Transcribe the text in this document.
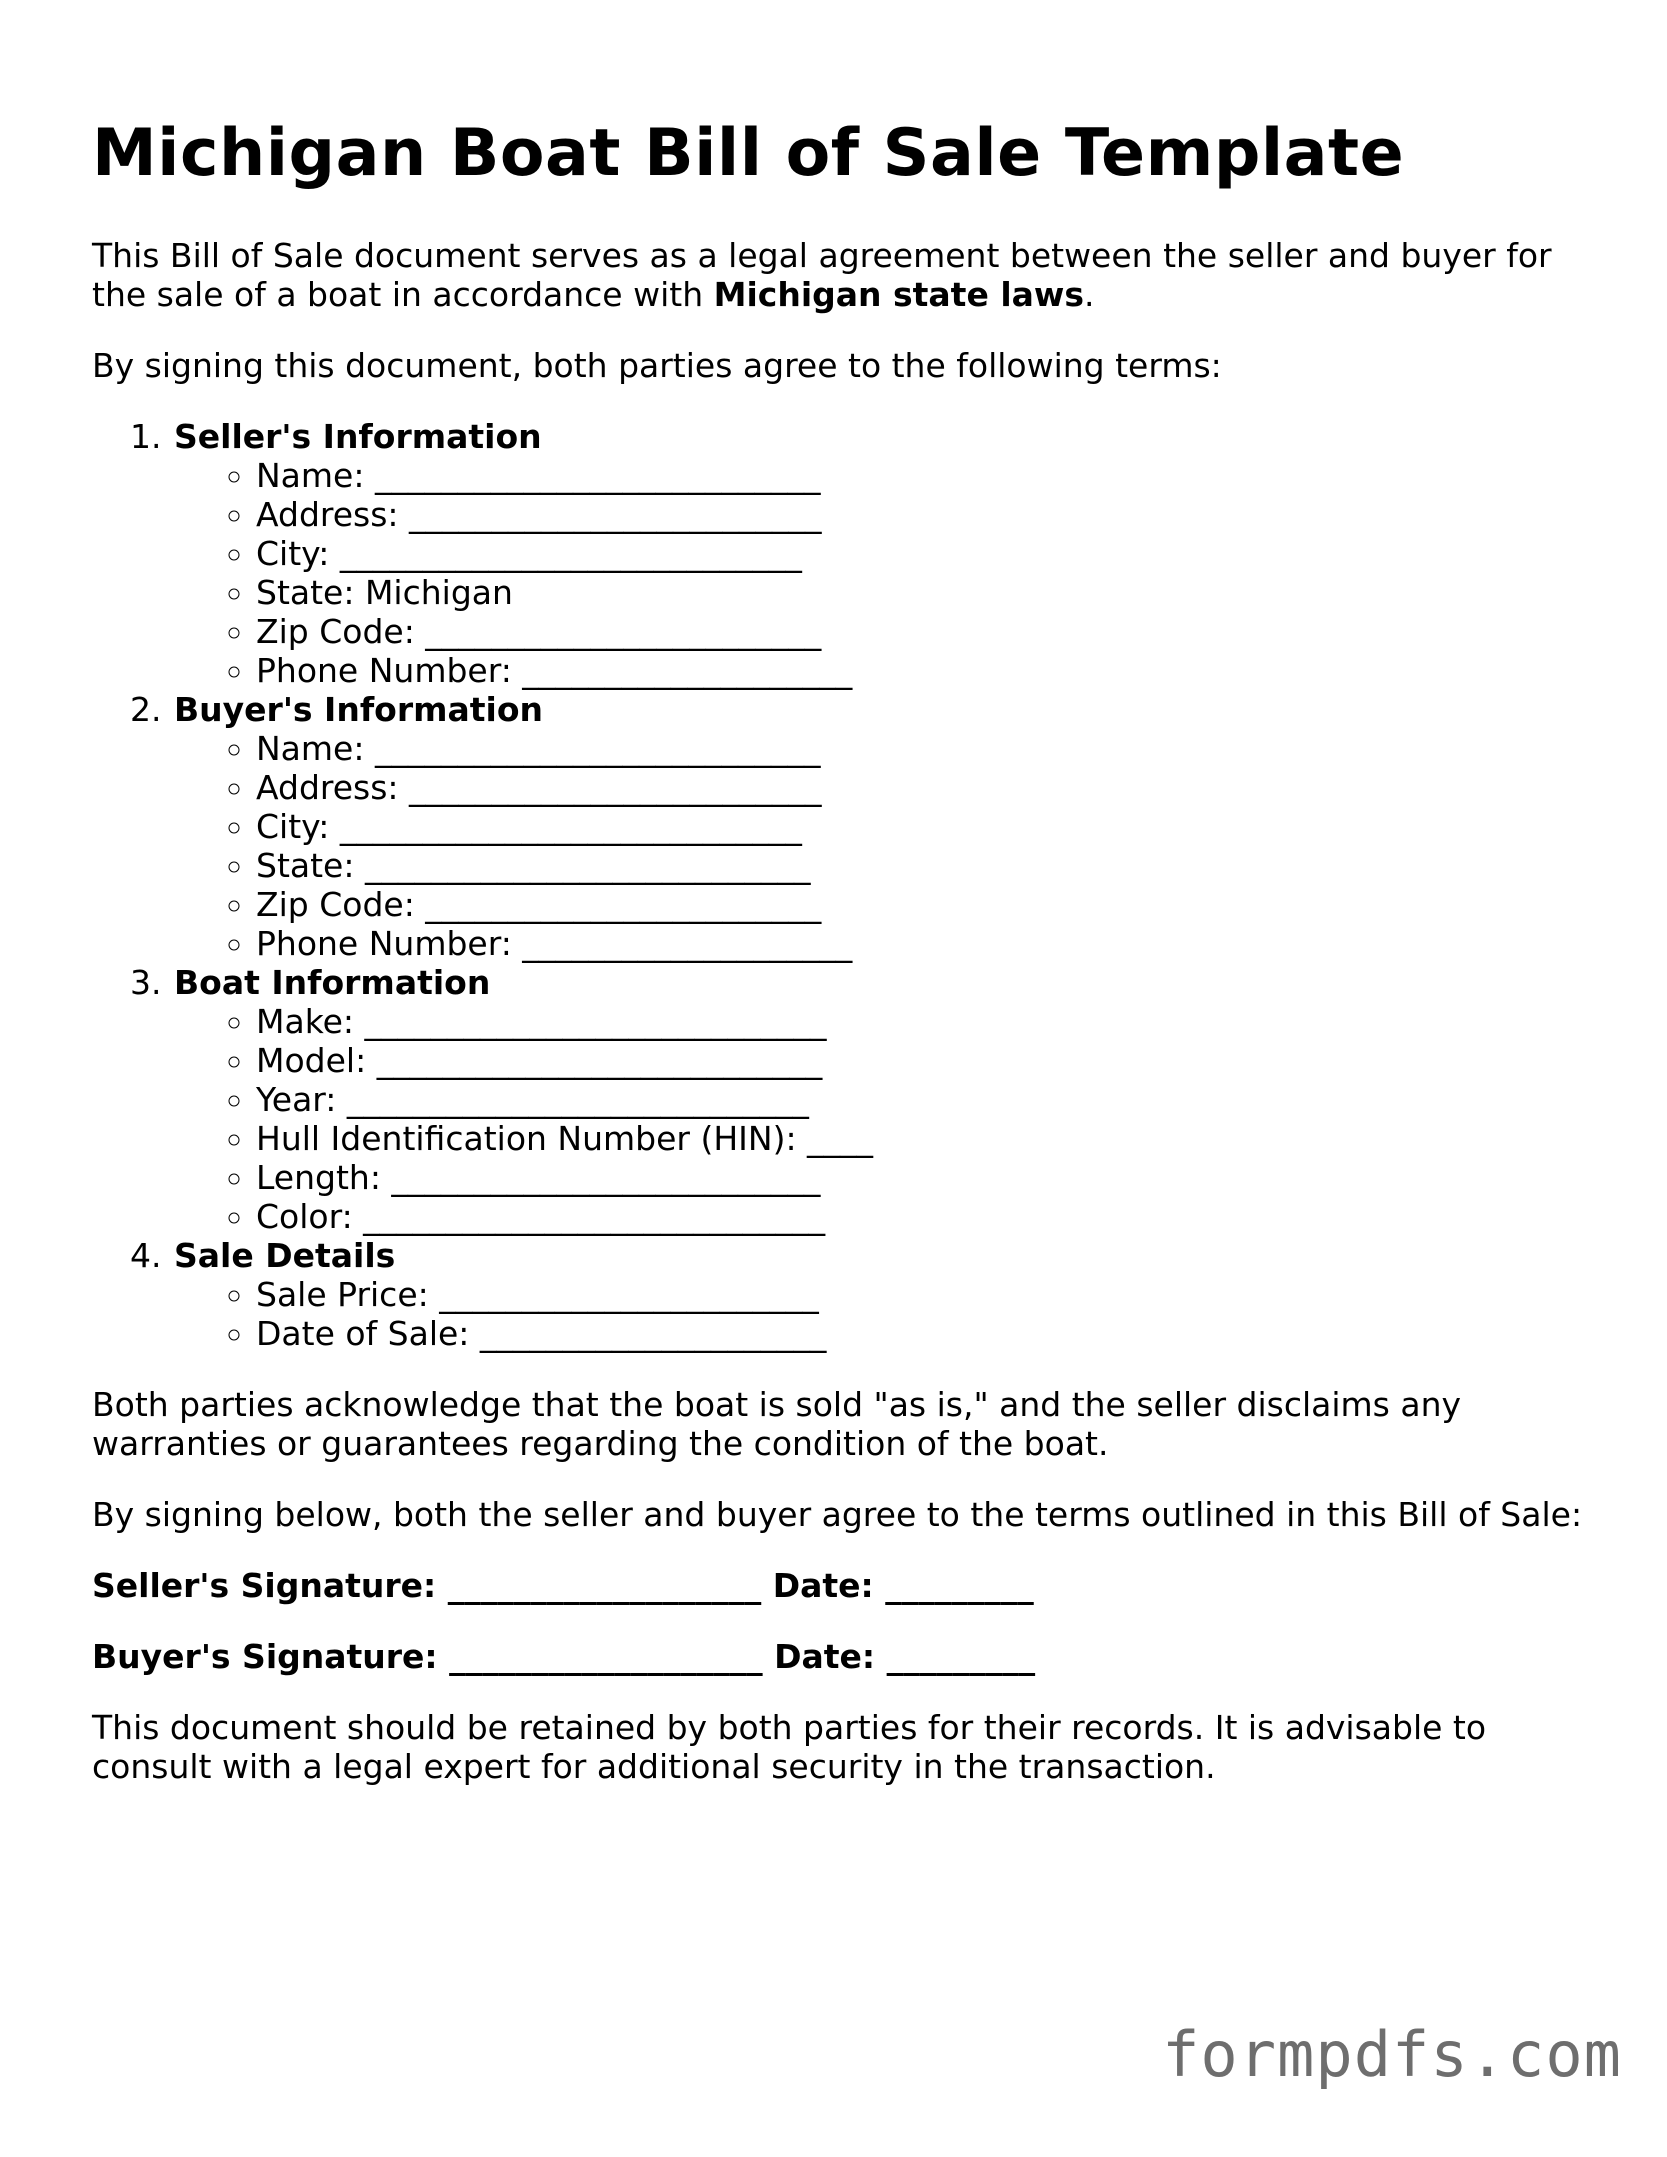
Michigan Boat Bill of Sale Template

This Bill of Sale document serves as a legal agreement between the seller and buyer for the sale of a boat in accordance with Michigan state laws.

By signing this document, both parties agree to the following terms:

1. Seller's Information
◦ Name: ___________________________
◦ Address: _________________________
◦ City: ____________________________
◦ State: Michigan
◦ Zip Code: ________________________
◦ Phone Number: ____________________
2. Buyer's Information
◦ Name: ___________________________
◦ Address: _________________________
◦ City: ____________________________
◦ State: ___________________________
◦ Zip Code: ________________________
◦ Phone Number: ____________________
3. Boat Information
◦ Make: ____________________________
◦ Model: ___________________________
◦ Year: ____________________________
◦ Hull Identification Number (HIN): ____
◦ Length: __________________________
◦ Color: ____________________________
4. Sale Details
◦ Sale Price: _______________________
◦ Date of Sale: _____________________

Both parties acknowledge that the boat is sold "as is," and the seller disclaims any warranties or guarantees regarding the condition of the boat.

By signing below, both the seller and buyer agree to the terms outlined in this Bill of Sale:

Seller's Signature: ___________________ Date: _________
Buyer's Signature: ___________________ Date: _________

This document should be retained by both parties for their records. It is advisable to consult with a legal expert for additional security in the transaction.

formpdfs.com
